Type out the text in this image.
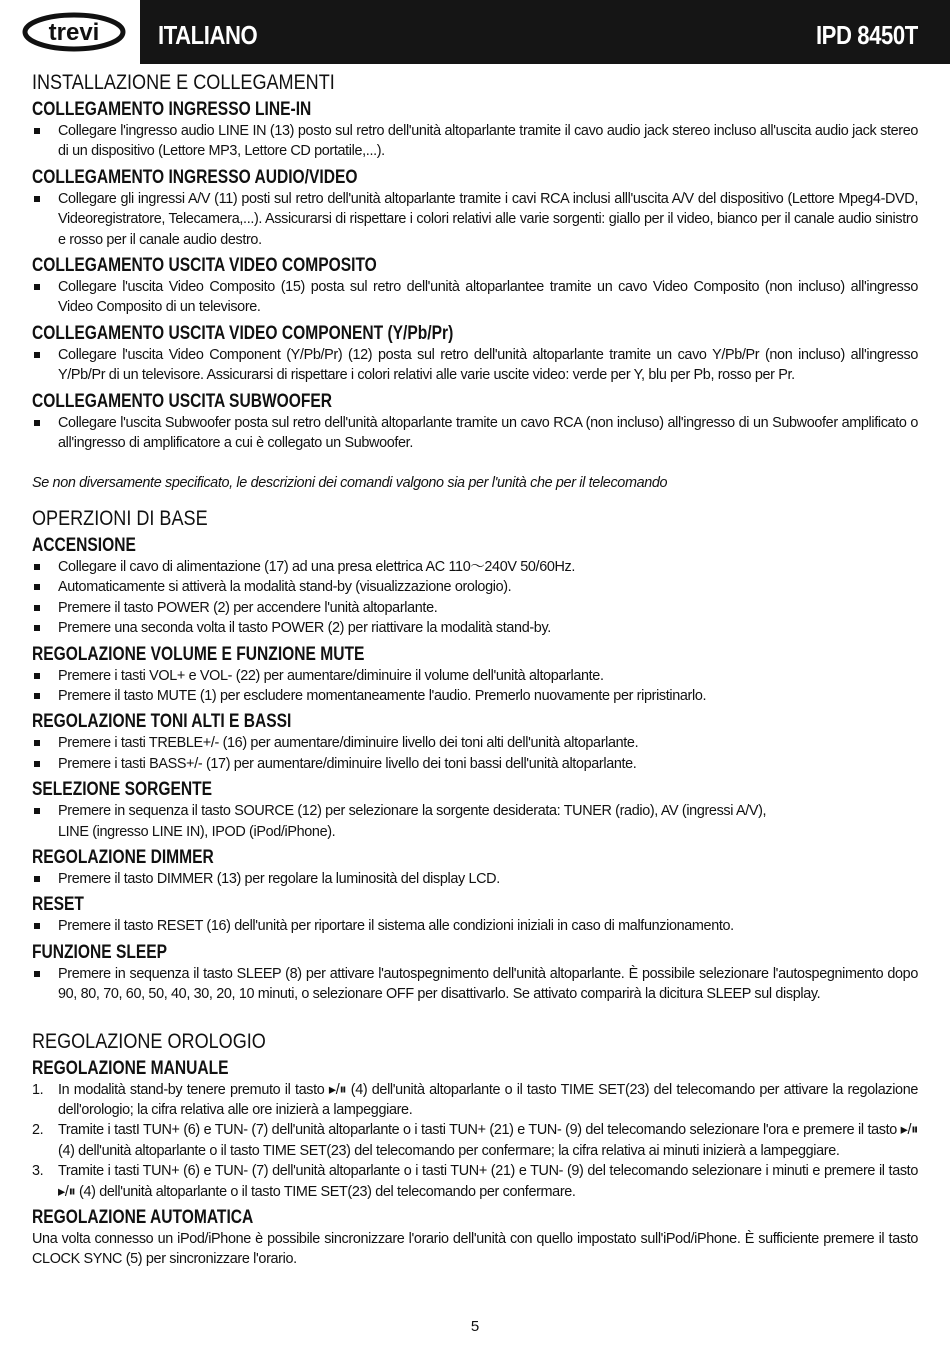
trevi ITALIANO	IPD 8450T
INSTALLAZIONE E COLLEGAMENTI
COLLEGAMENTO INGRESSO LINE-IN
Collegare l'ingresso audio LINE IN (13) posto sul retro dell'unità altoparlante tramite il cavo audio jack stereo incluso all'uscita audio jack stereo di un dispositivo (Lettore MP3, Lettore CD portatile,...).
COLLEGAMENTO INGRESSO AUDIO/VIDEO
Collegare gli ingressi A/V (11) posti sul retro dell'unità altoparlante tramite i cavi RCA inclusi alll'uscita A/V del dispositivo (Lettore Mpeg4-DVD, Videoregistratore, Telecamera,...). Assicurarsi di rispettare i colori relativi alle varie sorgenti: giallo per il video, bianco per il canale audio sinistro e rosso per il canale audio destro.
COLLEGAMENTO USCITA VIDEO COMPOSITO
Collegare l'uscita Video Composito (15) posta sul retro dell'unità altoparlantee tramite un cavo Video Composito (non incluso) all'ingresso Video Composito di un televisore.
COLLEGAMENTO USCITA VIDEO COMPONENT (Y/Pb/Pr)
Collegare l'uscita Video Component (Y/Pb/Pr) (12) posta sul retro dell'unità altoparlante tramite un cavo Y/Pb/Pr (non incluso) all'ingresso Y/Pb/Pr di un televisore. Assicurarsi di rispettare i colori relativi alle varie uscite video: verde per Y, blu per Pb, rosso per Pr.
COLLEGAMENTO USCITA SUBWOOFER
Collegare l'uscita Subwoofer posta sul retro dell'unità altoparlante tramite un cavo RCA (non incluso) all'ingresso di un Subwoofer amplificato o all'ingresso di amplificatore a cui è collegato un Subwoofer.

Se non diversamente specificato, le descrizioni dei comandi valgono sia per l'unità che per il telecomando

OPERZIONI DI BASE
ACCENSIONE
Collegare il cavo di alimentazione (17) ad una presa elettrica AC 110～240V 50/60Hz.
Automaticamente si attiverà la modalità stand-by (visualizzazione orologio).
Premere il tasto POWER (2) per accendere l'unità altoparlante.
Premere una seconda volta il tasto POWER (2) per riattivare la modalità stand-by.
REGOLAZIONE VOLUME E FUNZIONE MUTE
Premere i tasti VOL+ e VOL- (22) per aumentare/diminuire il volume dell'unità altoparlante.
Premere il tasto MUTE (1) per escludere momentaneamente l'audio. Premerlo nuovamente per ripristinarlo.
REGOLAZIONE TONI ALTI E BASSI
Premere i tasti TREBLE+/- (16) per aumentare/diminuire livello dei toni alti dell'unità altoparlante.
Premere i tasti BASS+/- (17) per aumentare/diminuire livello dei toni bassi dell'unità altoparlante.
SELEZIONE SORGENTE
Premere in sequenza il tasto SOURCE (12) per selezionare la sorgente desiderata: TUNER (radio), AV (ingressi A/V),
LINE (ingresso LINE IN), IPOD (iPod/iPhone).
REGOLAZIONE DIMMER
Premere il tasto DIMMER (13) per regolare la luminosità del display LCD.
RESET
Premere il tasto RESET (16) dell'unità per riportare il sistema alle condizioni iniziali in caso di malfunzionamento.
FUNZIONE SLEEP
Premere in sequenza il tasto SLEEP (8) per attivare l'autospegnimento dell'unità altoparlante. È possibile selezionare l'autospegnimento dopo 90, 80, 70, 60, 50, 40, 30, 20, 10 minuti, o selezionare OFF per disattivarlo. Se attivato comparirà la dicitura SLEEP sul display.
REGOLAZIONE OROLOGIO
REGOLAZIONE MANUALE
1. In modalità stand-by tenere premuto il tasto ▸/⏸ (4) dell'unità altoparlante o il tasto TIME SET(23) del telecomando per attivare la regolazione dell'orologio; la cifra relativa alle ore inizierà a lampeggiare.
2. Tramite i tastI TUN+ (6) e TUN- (7) dell'unità altoparlante o i tasti TUN+ (21) e TUN- (9) del telecomando selezionare l'ora e premere il tasto ▸/⏸ (4) dell'unità altoparlante o il tasto TIME SET(23) del telecomando per confermare; la cifra relativa ai minuti inizierà a lampeggiare.
3. Tramite i tasti TUN+ (6) e TUN- (7) dell'unità altoparlante o i tasti TUN+ (21) e TUN- (9) del telecomando selezionare i minuti e premere il tasto ▸/⏸ (4) dell'unità altoparlante o il tasto TIME SET(23) del telecomando per confermare.
REGOLAZIONE AUTOMATICA

Una volta connesso un iPod/iPhone è possibile sincronizzare l'orario dell'unità con quello impostato sull'iPod/iPhone. È sufficiente premere il tasto CLOCK SYNC (5) per sincronizzare l'orario.

5
